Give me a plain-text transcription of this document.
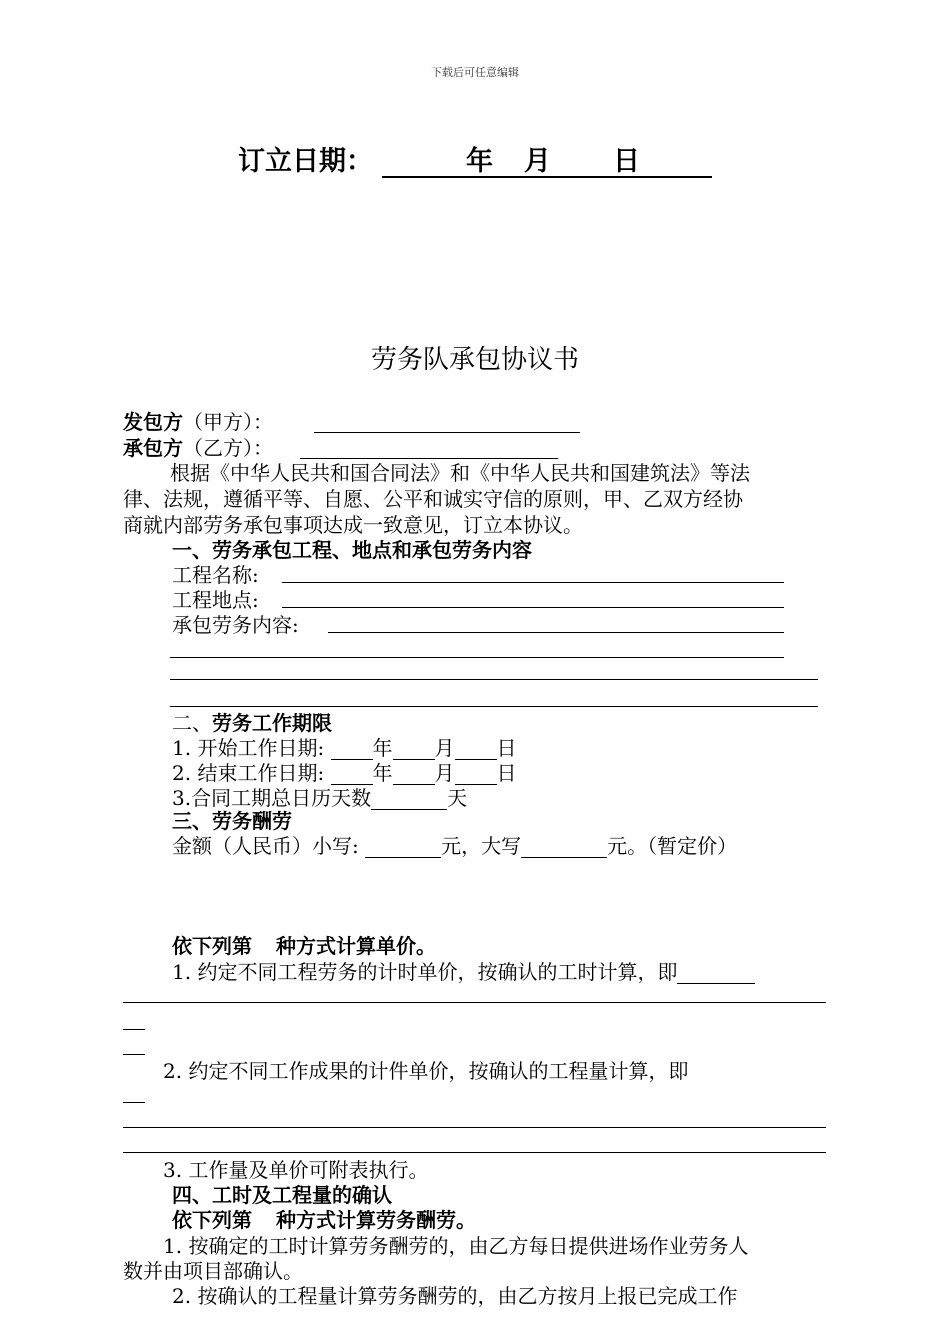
下载后可任意编辑
订立日期：	年 月 日
劳务队承包协议书
发包方（甲方）：
承包方（乙方）：
根据《中华人民共和国合同法》和《中华人民共和国建筑法》等法
律、法规，遵循平等、自愿、公平和诚实守信的原则，甲、乙双方经协
商就内部劳务承包事项达成一致意见，订立本协议。
一、劳务承包工程、地点和承包劳务内容
工程名称:
工程地点:
承包劳务内容:
二、劳务工作期限
1. 开始工作日期: 年 月 日
2. 结束工作日期: 年 月 日
3.合同工期总日历天数	天
三、劳务酬劳
金额（人民币）小写:	元，大写	元。（暂定价）
依下列第 种方式计算单价。
1. 约定不同工程劳务的计时单价，按确认的工时计算，即
2. 约定不同工作成果的计件单价，按确认的工程量计算，即
3. 工作量及单价可附表执行。
四、工时及工程量的确认
依下列第 种方式计算劳务酬劳。
1. 按确定的工时计算劳务酬劳的，由乙方每日提供进场作业劳务人
数并由项目部确认。
2. 按确认的工程量计算劳务酬劳的，由乙方按月上报已完成工作
